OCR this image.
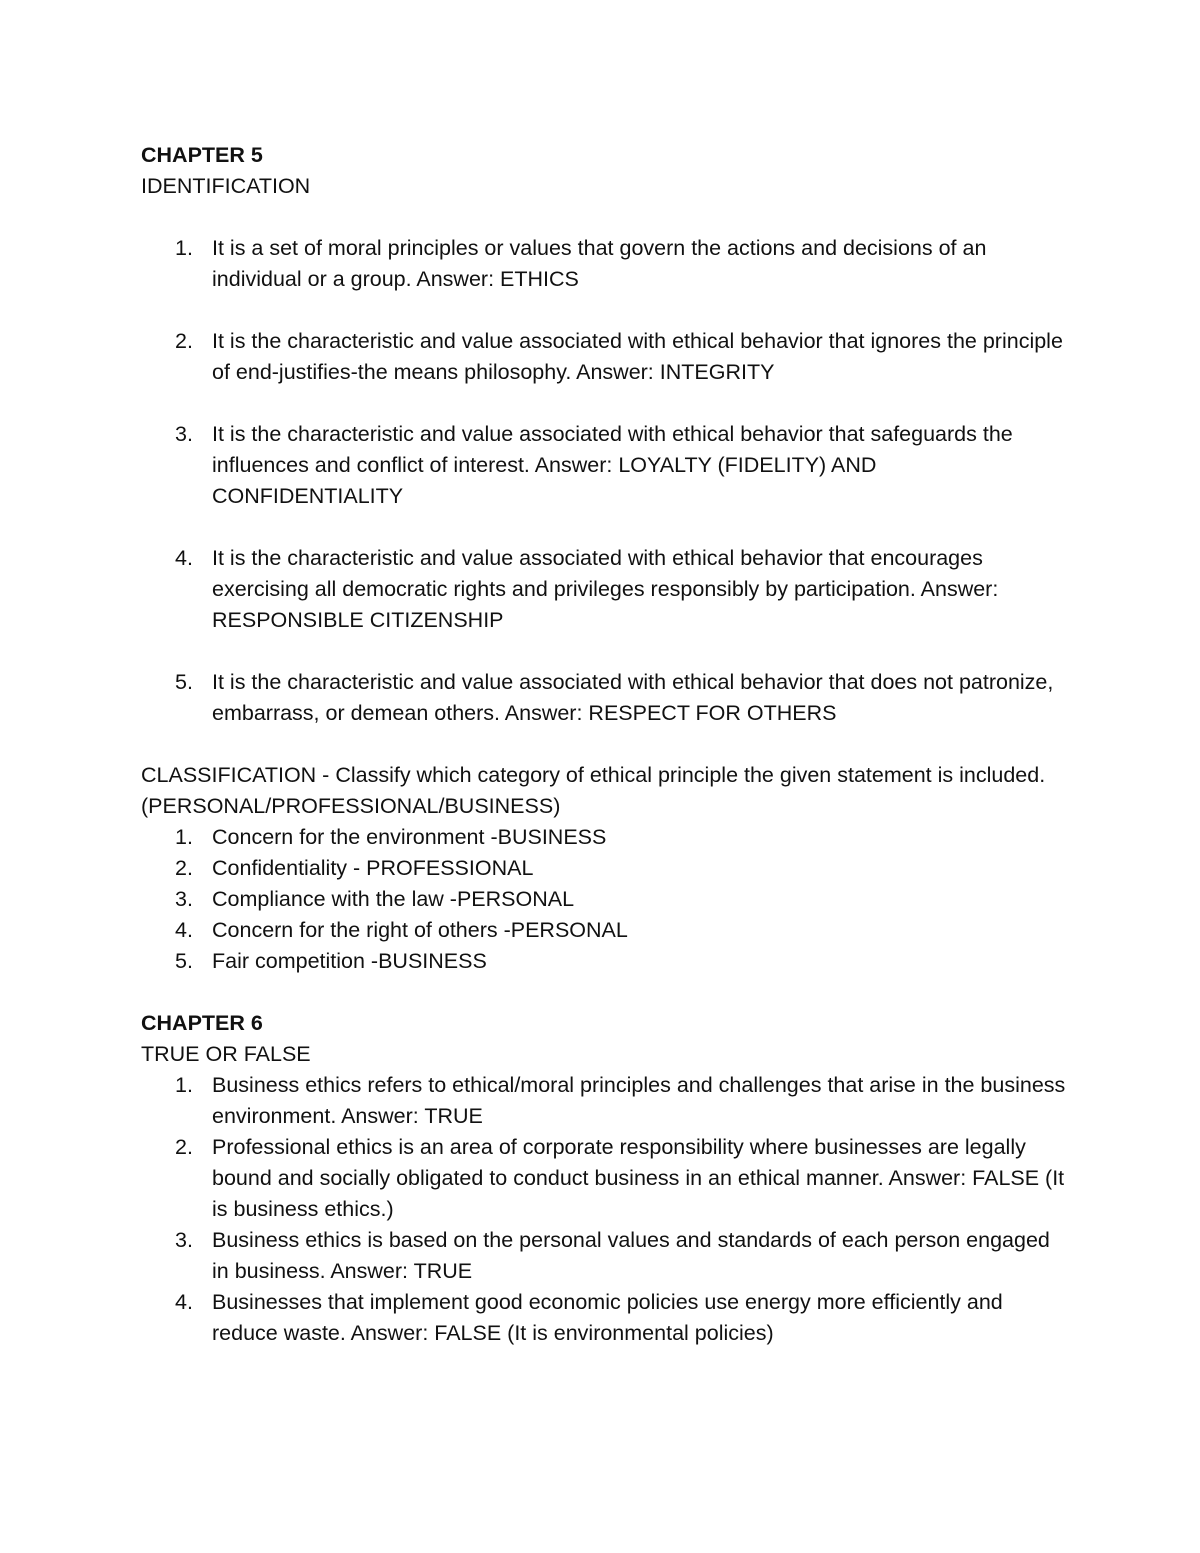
CHAPTER 5

IDENTIFICATION

1. It is a set of moral principles or values that govern the actions and decisions of an individual or a group. Answer: ETHICS
2. It is the characteristic and value associated with ethical behavior that ignores the principle of end-justifies-the means philosophy. Answer: INTEGRITY
3. It is the characteristic and value associated with ethical behavior that safeguards the influences and conflict of interest. Answer: LOYALTY (FIDELITY) AND CONFIDENTIALITY
4. It is the characteristic and value associated with ethical behavior that encourages exercising all democratic rights and privileges responsibly by participation. Answer: RESPONSIBLE CITIZENSHIP
5. It is the characteristic and value associated with ethical behavior that does not patronize, embarrass, or demean others. Answer: RESPECT FOR OTHERS

CLASSIFICATION - Classify which category of ethical principle the given statement is included. (PERSONAL/PROFESSIONAL/BUSINESS)

1. Concern for the environment -BUSINESS
2. Confidentiality - PROFESSIONAL
3. Compliance with the law -PERSONAL
4. Concern for the right of others -PERSONAL
5. Fair competition -BUSINESS

CHAPTER 6

TRUE OR FALSE

1. Business ethics refers to ethical/moral principles and challenges that arise in the business environment. Answer: TRUE
2. Professional ethics is an area of corporate responsibility where businesses are legally bound and socially obligated to conduct business in an ethical manner. Answer: FALSE (It is business ethics.)
3. Business ethics is based on the personal values and standards of each person engaged in business. Answer: TRUE
4. Businesses that implement good economic policies use energy more efficiently and reduce waste. Answer: FALSE (It is environmental policies)
